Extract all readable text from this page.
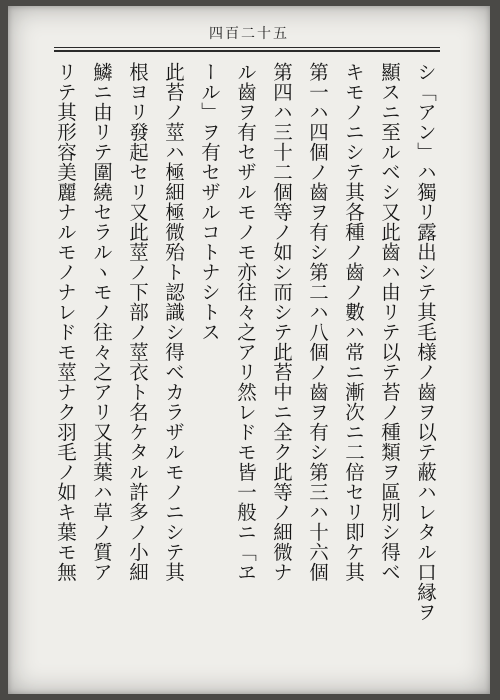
四百二十五
シ「アン」ハ獨リ露出シテ其毛様ノ齒ヲ以テ蔽ハレタル口縁ヲ
顯スニ至ルベシ又此齒ハ由リテ以テ苔ノ種類ヲ區別シ得ベ
キモノニシテ其各種ノ齒ノ數ハ常ニ漸次ニ二倍セリ即ケ其
第一ハ四個ノ齒ヲ有シ第二ハ八個ノ齒ヲ有シ第三ハ十六個
第四ハ三十二個等ノ如シ而シテ此苔中ニ全ク此等ノ細微ナ
ル齒ヲ有セザルモノモ亦往々之アリ然レドモ皆一般ニ「ヱ
ール」ヲ有セザルコトナシトス
此苔ノ莖ハ極細極微殆ト認識シ得ベカラザルモノニシテ其
根ヨリ發起セリ又此莖ノ下部ノ莖衣ト名ケタル許多ノ小細
鱗ニ由リテ圍繞セラルヽモノ往々之アリ又其葉ハ草ノ質ア
リテ其形容美麗ナルモノナレドモ莖ナク羽毛ノ如キ葉モ無
